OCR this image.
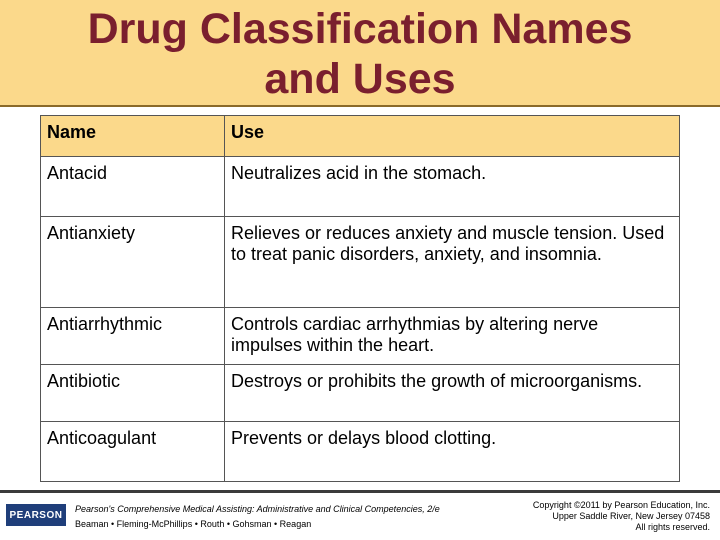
Drug Classification Names
and Uses
Name	Use
Antacid	Neutralizes acid in the stomach.
Antianxiety	Relieves or reduces anxiety and muscle tension. Used to treat panic disorders, anxiety, and insomnia.
Antiarrhythmic	Controls cardiac arrhythmias by altering nerve impulses within the heart.
Antibiotic	Destroys or prohibits the growth of microorganisms.
Anticoagulant	Prevents or delays blood clotting.
PEARSON
Pearson's Comprehensive Medical Assisting: Administrative and Clinical Competencies, 2/e
Beaman • Fleming-McPhillips • Routh • Gohsman • Reagan
Copyright ©2011 by Pearson Education, Inc.
Upper Saddle River, New Jersey 07458
All rights reserved.
